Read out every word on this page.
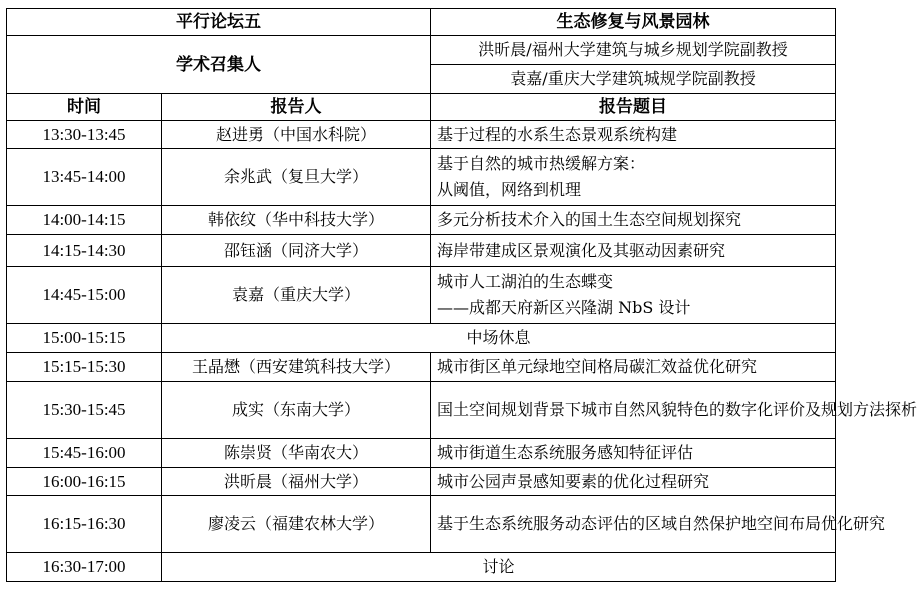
平行论坛五		生态修复与风景园林
学术召集人		洪昕晨/福州大学建筑与城乡规划学院副教授
		袁嘉/重庆大学建筑城规学院副教授
时间	报告人	报告题目
13:30-13:45	赵进勇（中国水科院）	基于过程的水系生态景观系统构建

13:45-14:00	余兆武（复旦大学）	基于自然的城市热缓解方案：
从阈值，网络到机理

14:00-14:15	韩依纹（华中科技大学）	多元分析技术介入的国土生态空间规划探究

14:15-14:30	邵钰涵（同济大学）	海岸带建成区景观演化及其驱动因素研究

14:45-15:00	袁嘉（重庆大学）	城市人工湖泊的生态蝶变
——成都天府新区兴隆湖 NbS 设计

15:00-15:15	中场休息	
15:15-15:30	王晶懋（西安建筑科技大学）	城市街区单元绿地空间格局碳汇效益优化研究

15:30-15:45	成实（东南大学）	国土空间规划背景下城市自然风貌特色的数字化评价及规划方法探析
15:45-16:00	陈崇贤（华南农大）	城市街道生态系统服务感知特征评估

16:00-16:15	洪昕晨（福州大学）	城市公园声景感知要素的优化过程研究

16:15-16:30	廖凌云（福建农林大学）	基于生态系统服务动态评估的区域自然保护地空间布局优化研究
16:30-17:00	讨论	
